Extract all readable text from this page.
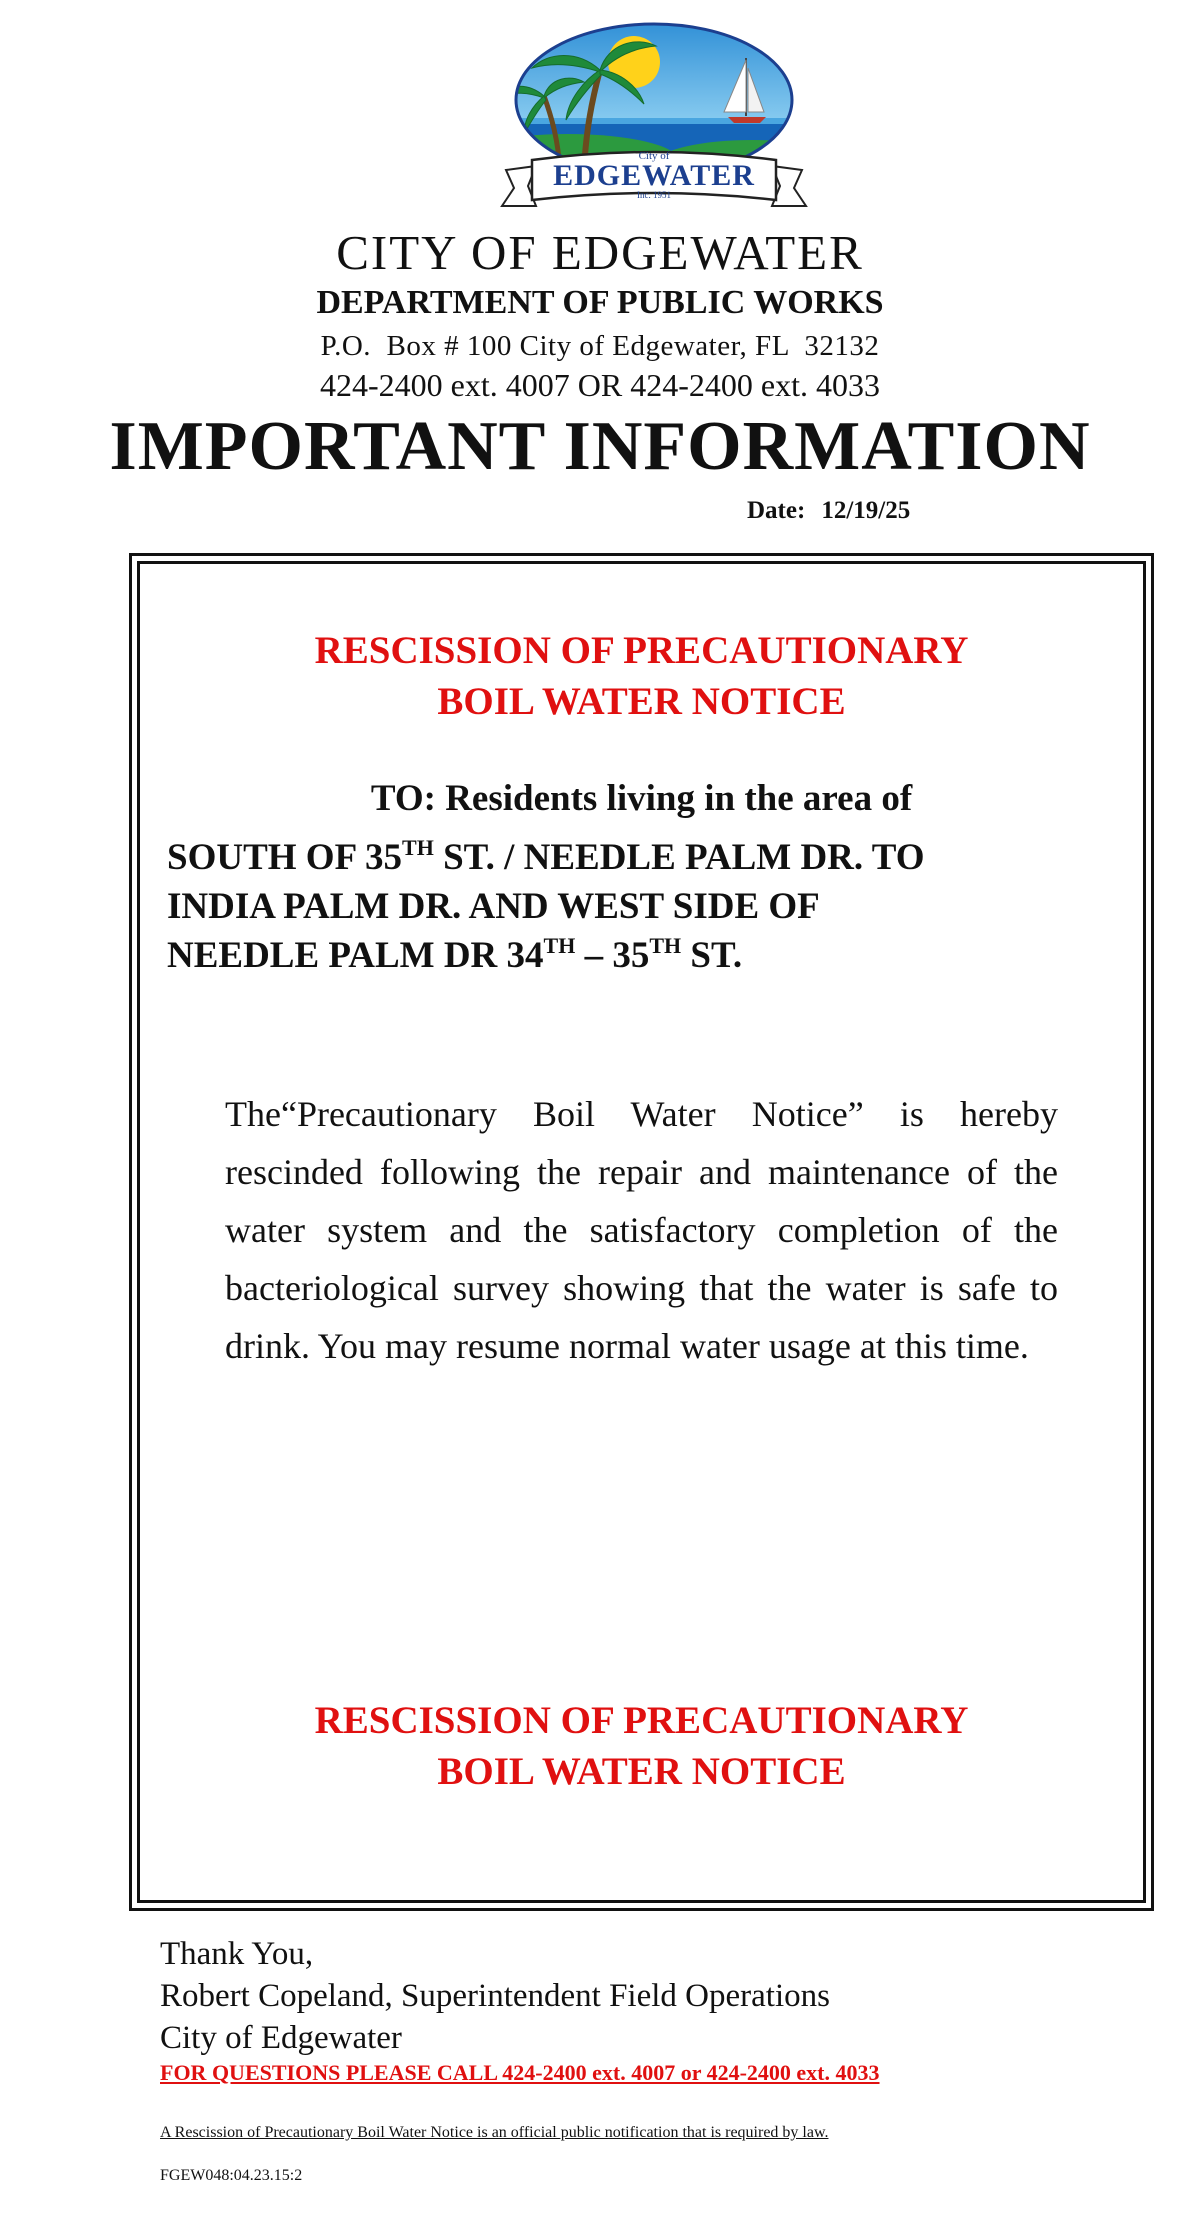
City of
EDGEWATER
Inc. 1951
CITY OF EDGEWATER
DEPARTMENT OF PUBLIC WORKS
P.O.  Box # 100 City of Edgewater, FL  32132
424-2400 ext. 4007 OR 424-2400 ext. 4033
IMPORTANT INFORMATION
Date: 12/19/25
RESCISSION OF PRECAUTIONARY
BOIL WATER NOTICE
TO: Residents living in the area of
SOUTH OF 35TH ST. / NEEDLE PALM DR. TO
INDIA PALM DR. AND WEST SIDE OF
NEEDLE PALM DR 34TH – 35TH ST.
The“Precautionary Boil Water Notice” is hereby rescinded following the repair and maintenance of the water system and the satisfactory completion of the bacteriological survey showing that the water is safe to drink. You may resume normal water usage at this time.
RESCISSION OF PRECAUTIONARY
BOIL WATER NOTICE
Thank You,
Robert Copeland, Superintendent Field Operations
City of Edgewater
FOR QUESTIONS PLEASE CALL 424-2400 ext. 4007 or 424-2400 ext. 4033
A Rescission of Precautionary Boil Water Notice is an official public notification that is required by law.
FGEW048:04.23.15:2
